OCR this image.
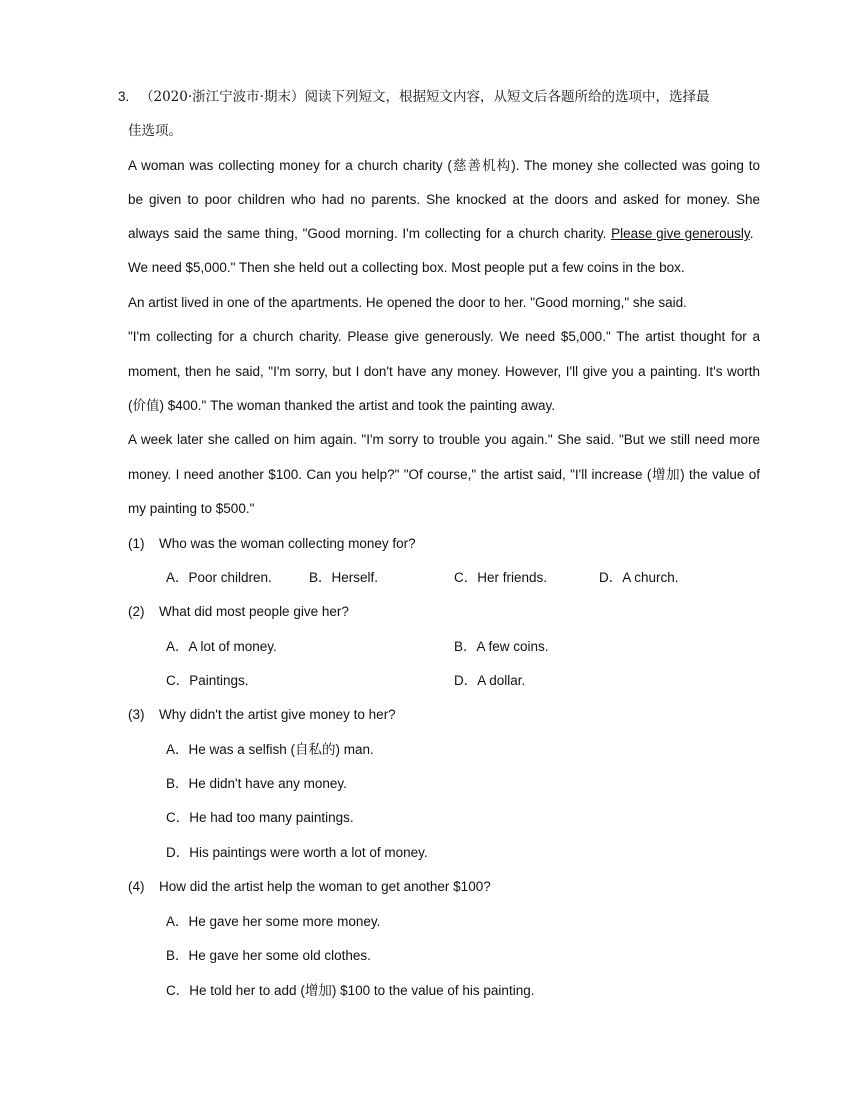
3. （2020·浙江宁波市·期末）阅读下列短文，根据短文内容，从短文后各题所给的选项中，选择最
佳选项。
A woman was collecting money for a church charity (慈善机构). The money she collected was going to
be given to poor children who had no parents. She knocked at the doors and asked for money. She
always said the same thing, "Good morning. I'm collecting for a church charity. Please give generously.
We need $5,000." Then she held out a collecting box. Most people put a few coins in the box.
An artist lived in one of the apartments. He opened the door to her. "Good morning," she said.
"I'm collecting for a church charity. Please give generously. We need $5,000." The artist thought for a
moment, then he said, "I'm sorry, but I don't have any money. However, I'll give you a painting. It's worth
(价值) $400." The woman thanked the artist and took the painting away.
A week later she called on him again. "I'm sorry to trouble you again." She said. "But we still need more
money. I need another $100. Can you help?" "Of course," the artist said, "I'll increase (增加) the value of
my painting to $500."
(1) Who was the woman collecting money for?
A．Poor children.	B．Herself.	C．Her friends.	D．A church.
(2) What did most people give her?
A．A lot of money.	B．A few coins.
C．Paintings.	D．A dollar.
(3) Why didn't the artist give money to her?
A．He was a selfish (自私的) man.
B．He didn't have any money.
C．He had too many paintings.
D．His paintings were worth a lot of money.
(4) How did the artist help the woman to get another $100?
A．He gave her some more money.
B．He gave her some old clothes.
C．He told her to add (增加) $100 to the value of his painting.
